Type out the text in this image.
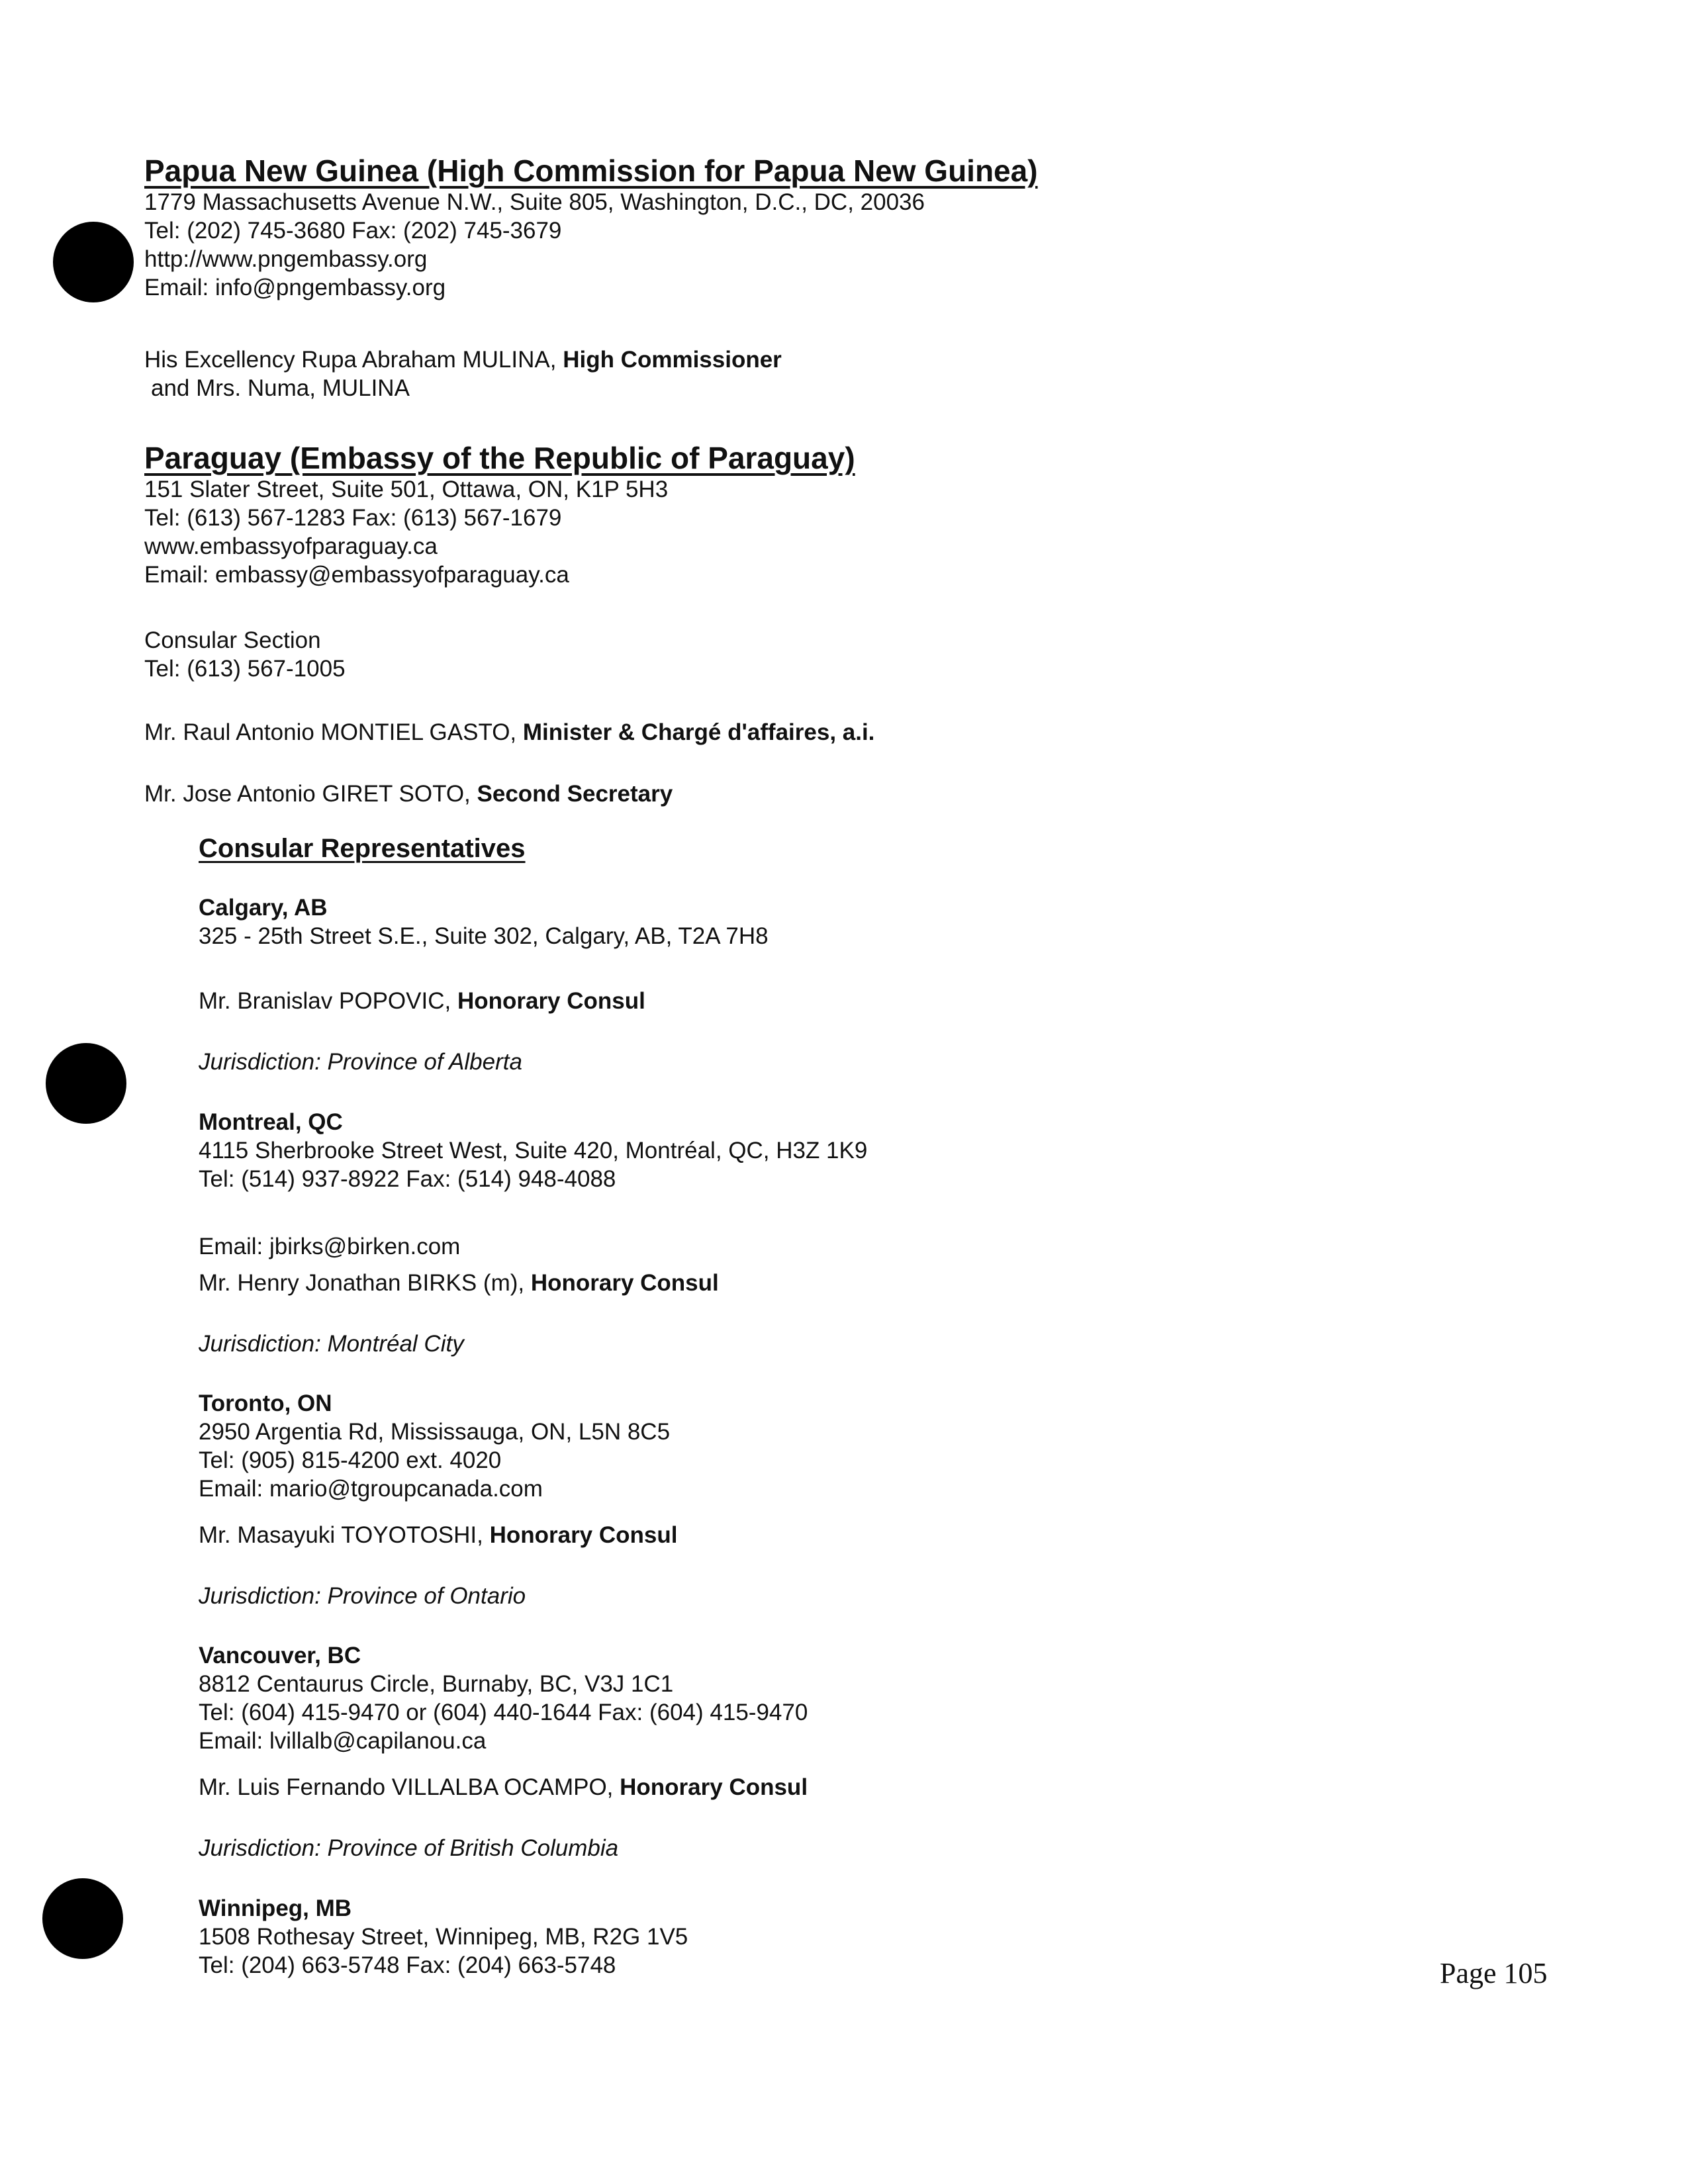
Papua New Guinea (High Commission for Papua New Guinea)
1779 Massachusetts Avenue N.W., Suite 805, Washington, D.C., DC, 20036
Tel: (202) 745-3680 Fax: (202) 745-3679
http://www.pngembassy.org
Email: info@pngembassy.org
His Excellency Rupa Abraham MULINA, High Commissioner
and Mrs. Numa, MULINA
Paraguay (Embassy of the Republic of Paraguay)
151 Slater Street, Suite 501, Ottawa, ON, K1P 5H3
Tel: (613) 567-1283 Fax: (613) 567-1679
www.embassyofparaguay.ca
Email: embassy@embassyofparaguay.ca
Consular Section
Tel: (613) 567-1005
Mr. Raul Antonio MONTIEL GASTO, Minister & Chargé d'affaires, a.i.
Mr. Jose Antonio GIRET SOTO, Second Secretary
Consular Representatives
Calgary, AB
325 - 25th Street S.E., Suite 302, Calgary, AB, T2A 7H8
Mr. Branislav POPOVIC, Honorary Consul
Jurisdiction: Province of Alberta
Montreal, QC
4115 Sherbrooke Street West, Suite 420, Montréal, QC, H3Z 1K9
Tel: (514) 937-8922 Fax: (514) 948-4088
Email: jbirks@birken.com
Mr. Henry Jonathan BIRKS (m), Honorary Consul
Jurisdiction: Montréal City
Toronto, ON
2950 Argentia Rd, Mississauga, ON, L5N 8C5
Tel: (905) 815-4200 ext. 4020
Email: mario@tgroupcanada.com
Mr. Masayuki TOYOTOSHI, Honorary Consul
Jurisdiction: Province of Ontario
Vancouver, BC
8812 Centaurus Circle, Burnaby, BC, V3J 1C1
Tel: (604) 415-9470 or (604) 440-1644 Fax: (604) 415-9470
Email: lvillalb@capilanou.ca
Mr. Luis Fernando VILLALBA OCAMPO, Honorary Consul
Jurisdiction: Province of British Columbia
Winnipeg, MB
1508 Rothesay Street, Winnipeg, MB, R2G 1V5
Tel: (204) 663-5748 Fax: (204) 663-5748	Page 105
